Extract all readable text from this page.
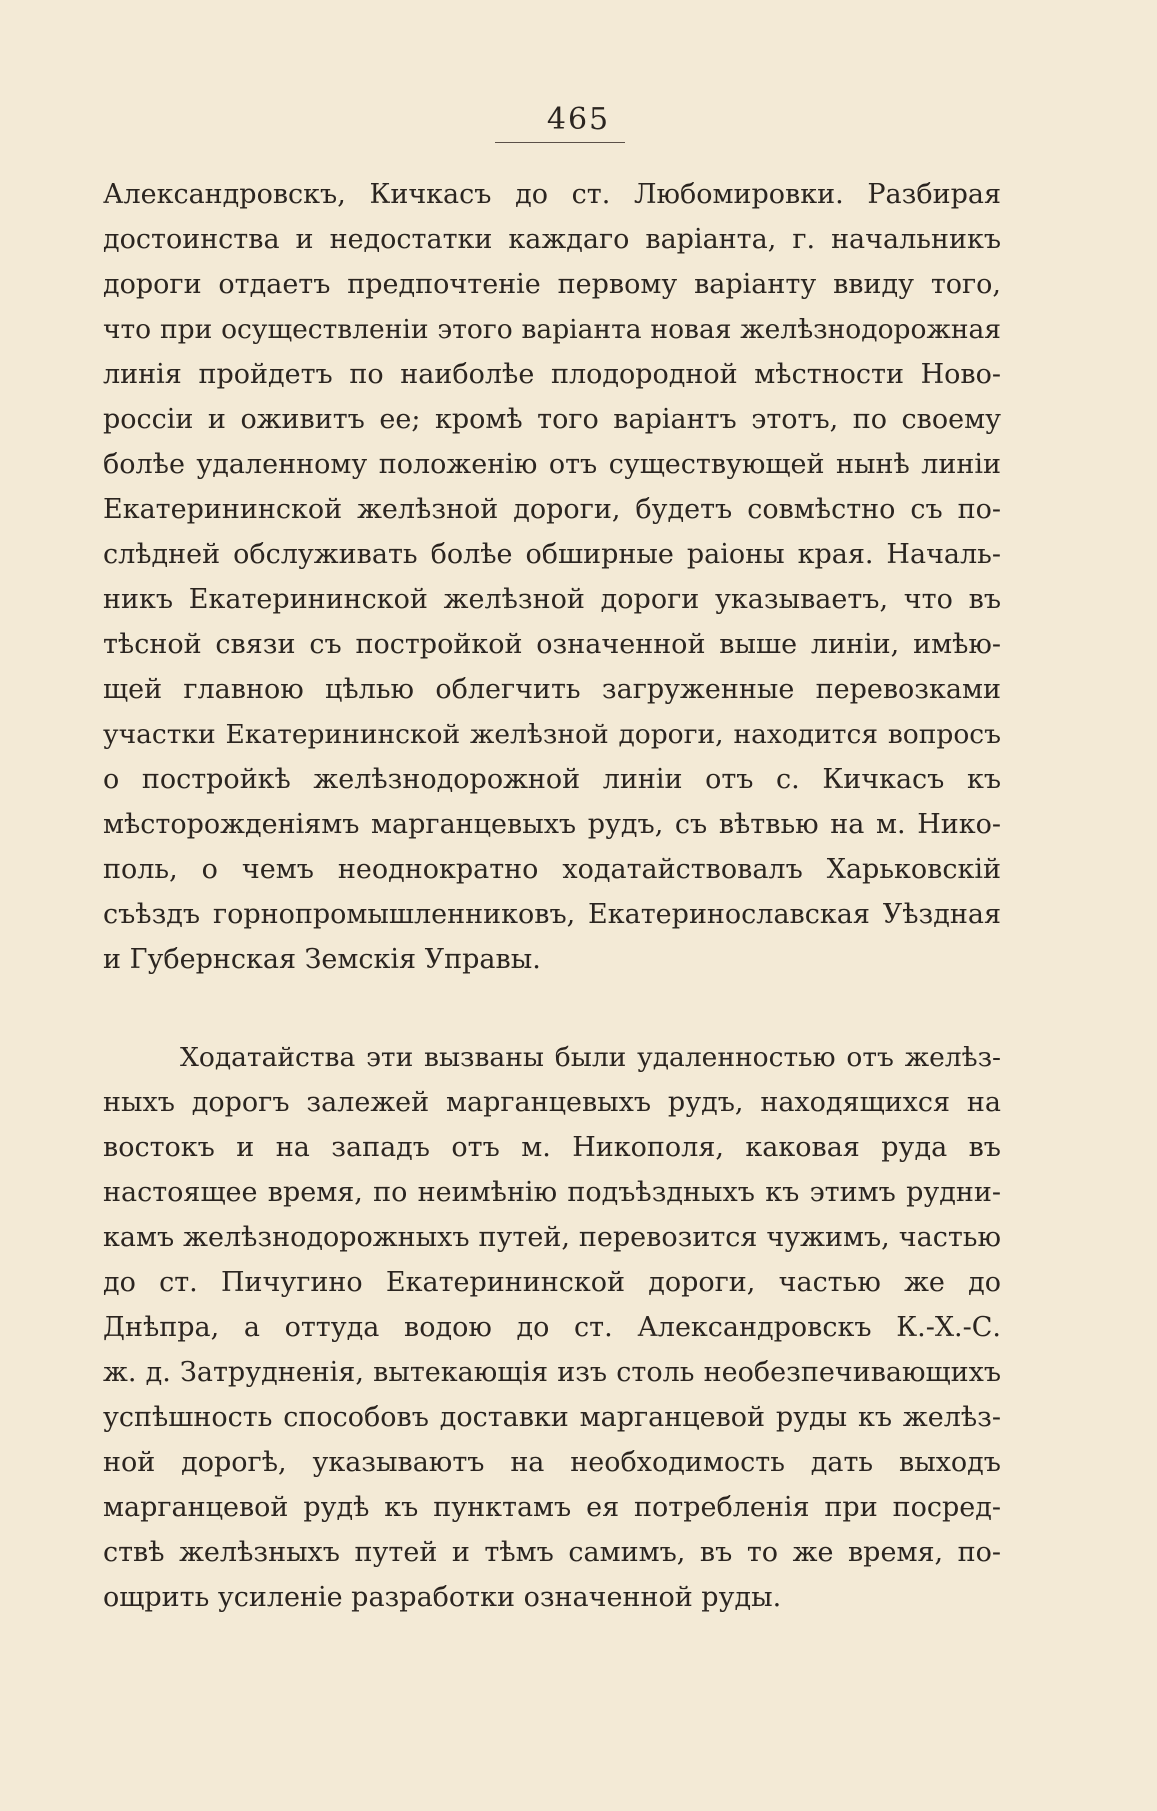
465
Александровскъ, Кичкасъ до ст. Любомировки. Разбирая
достоинства и недостатки каждаго варіанта, г. начальникъ
дороги отдаетъ предпочтеніе первому варіанту ввиду того,
что при осуществленіи этого варіанта новая желѣзнодорожная
линія пройдетъ по наиболѣе плодородной мѣстности Ново-
россіи и оживитъ ее; кромѣ того варіантъ этотъ, по своему
болѣе удаленному положенію отъ существующей нынѣ линіи
Екатерининской желѣзной дороги, будетъ совмѣстно съ по-
слѣдней обслуживать болѣе обширные раіоны края. Началь-
никъ Екатерининской желѣзной дороги указываетъ, что въ
тѣсной связи съ постройкой означенной выше линіи, имѣю-
щей главною цѣлью облегчить загруженные перевозками
участки Екатерининской желѣзной дороги, находится вопросъ
о постройкѣ желѣзнодорожной линіи отъ с. Кичкасъ къ
мѣсторожденіямъ марганцевыхъ рудъ, съ вѣтвью на м. Нико-
поль, о чемъ неоднократно ходатайствовалъ Харьковскій
съѣздъ горнопромышленниковъ, Екатеринославская Уѣздная
и Губернская Земскія Управы.
Ходатайства эти вызваны были удаленностью отъ желѣз-
ныхъ дорогъ залежей марганцевыхъ рудъ, находящихся на
востокъ и на западъ отъ м. Никополя, каковая руда въ
настоящее время, по неимѣнію подъѣздныхъ къ этимъ рудни-
камъ желѣзнодорожныхъ путей, перевозится чужимъ, частью
до ст. Пичугино Екатерининской дороги, частью же до
Днѣпра, а оттуда водою до ст. Александровскъ К.-Х.-С.
ж. д. Затрудненія, вытекающія изъ столь необезпечивающихъ
успѣшность способовъ доставки марганцевой руды къ желѣз-
ной дорогѣ, указываютъ на необходимость дать выходъ
марганцевой рудѣ къ пунктамъ ея потребленія при посред-
ствѣ желѣзныхъ путей и тѣмъ самимъ, въ то же время, по-
ощрить усиленіе разработки означенной руды.
